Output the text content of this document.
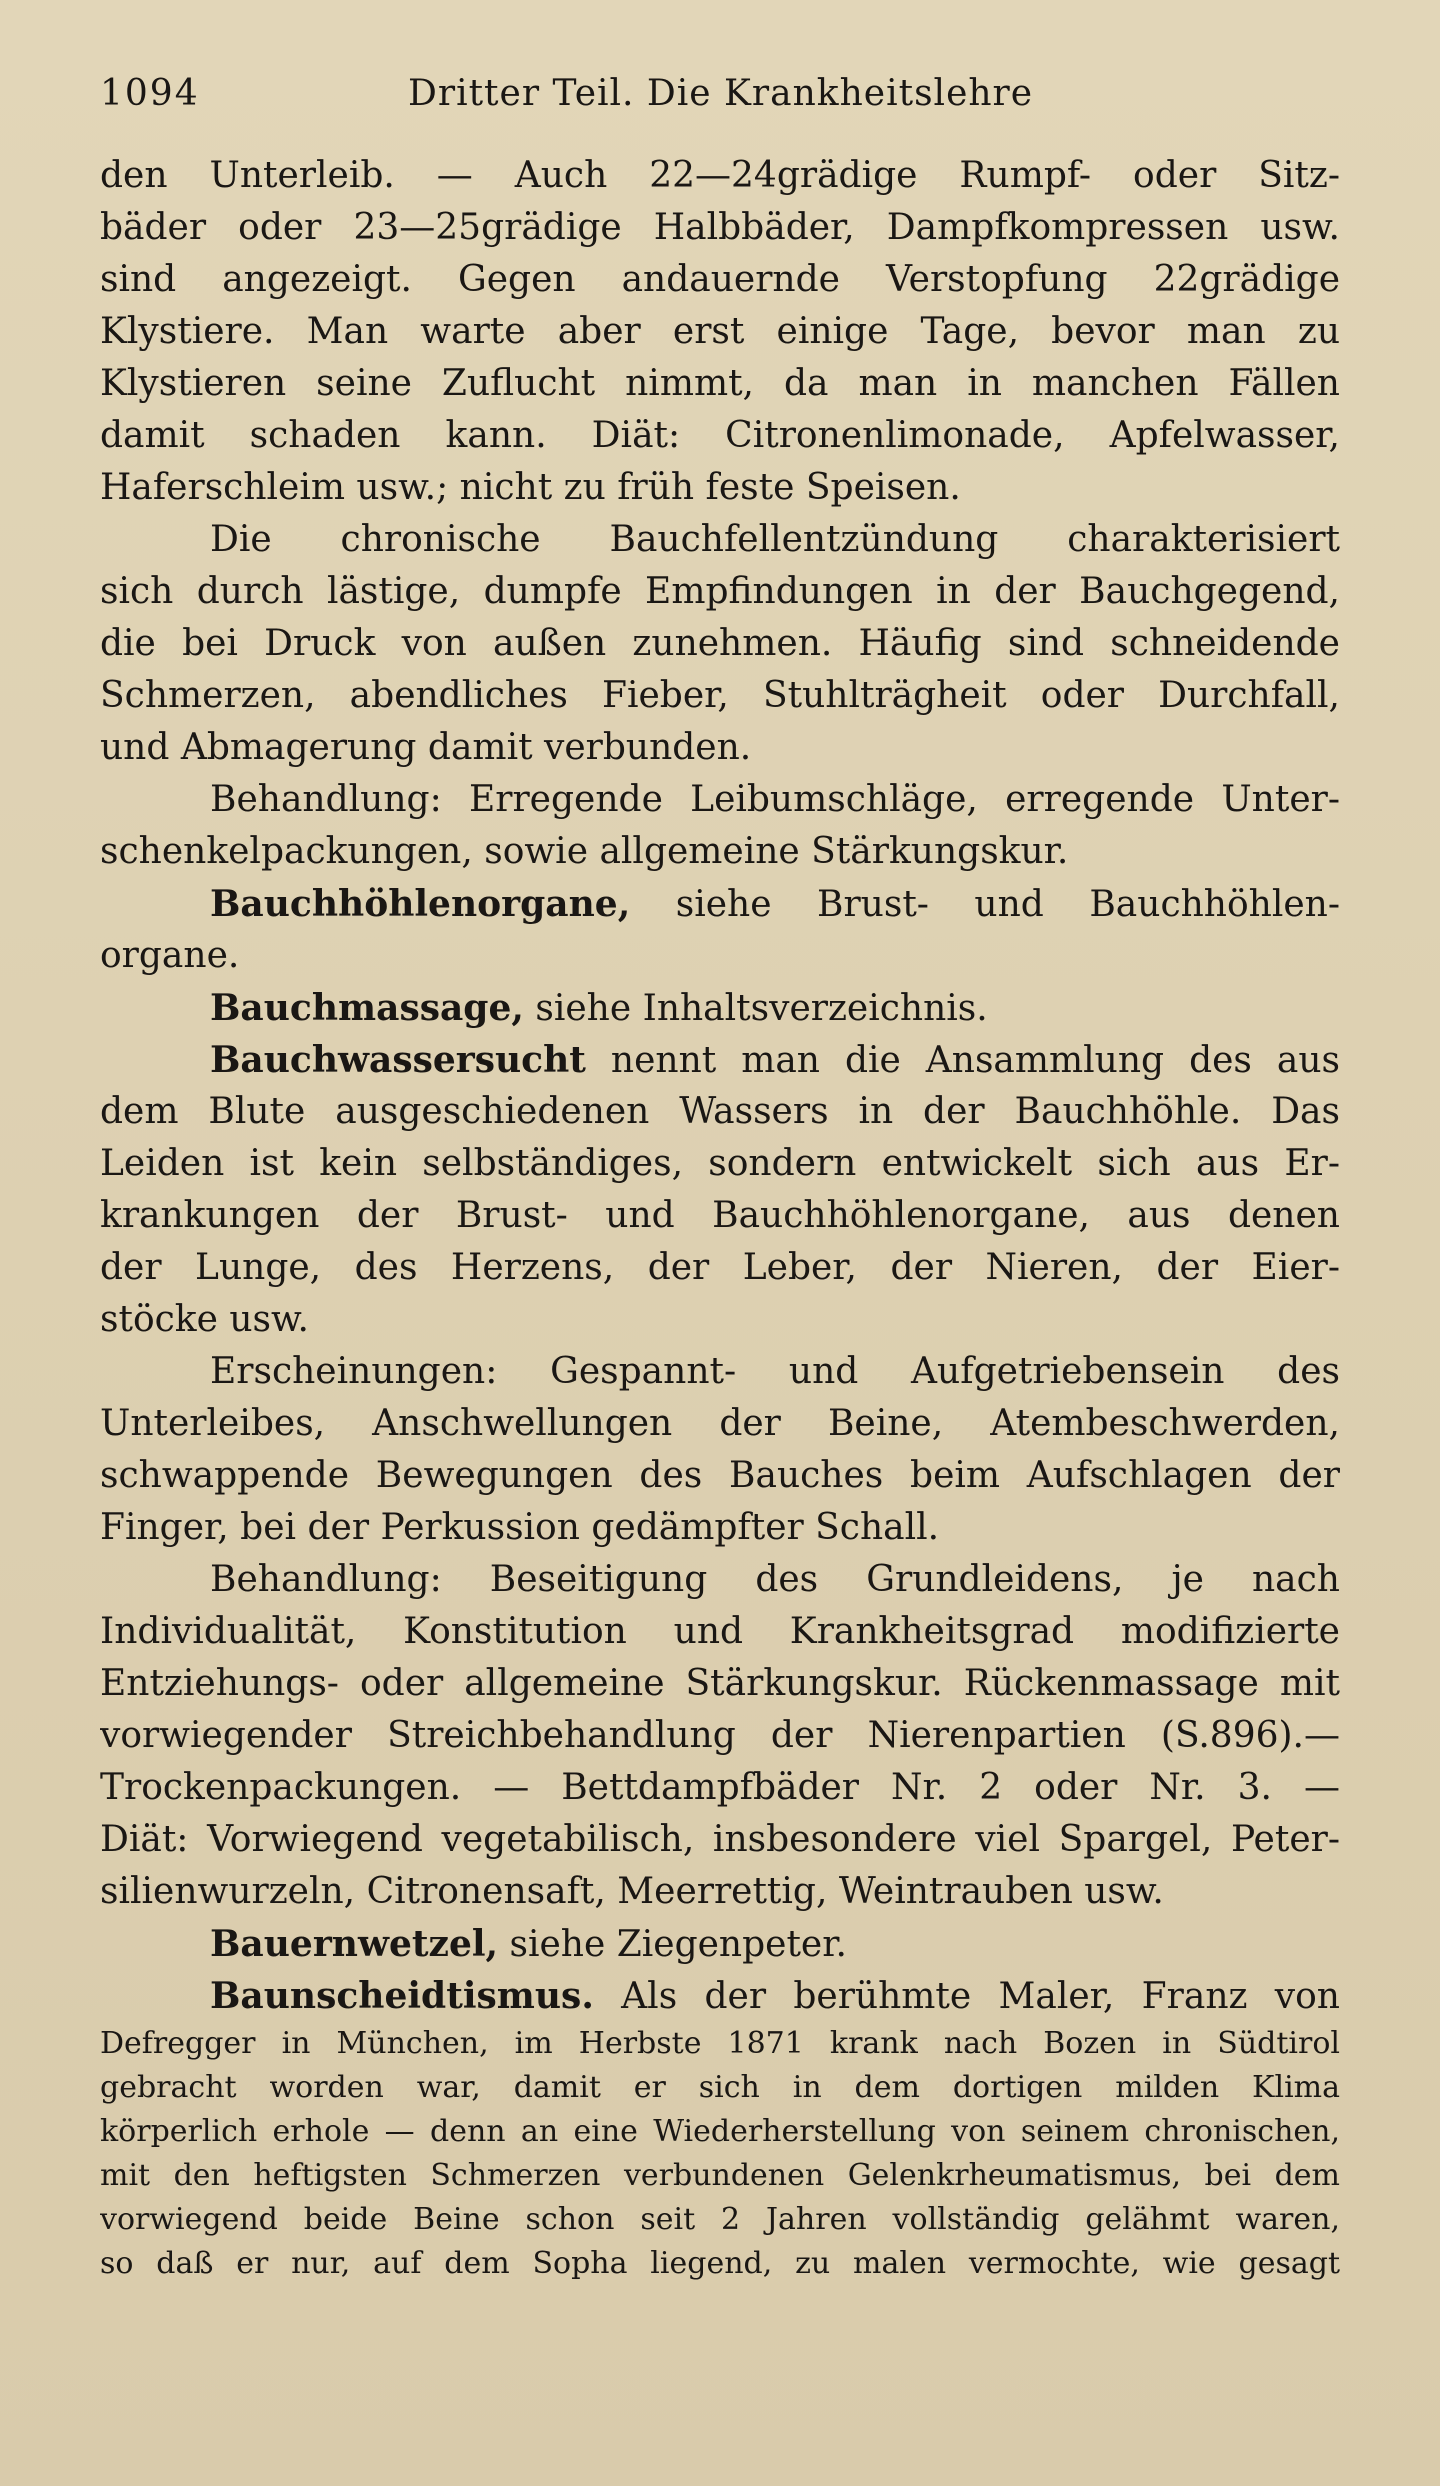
1094	Dritter Teil. Die Krankheitslehre
den Unterleib. — Auch 22—24grädige Rumpf- oder Sitz-
bäder oder 23—25grädige Halbbäder, Dampfkompressen usw.
sind angezeigt. Gegen andauernde Verstopfung 22grädige
Klystiere. Man warte aber erst einige Tage, bevor man zu
Klystieren seine Zuflucht nimmt, da man in manchen Fällen
damit schaden kann. Diät: Citronenlimonade, Apfelwasser,
Haferschleim usw.; nicht zu früh feste Speisen.
Die chronische Bauchfellentzündung charakterisiert
sich durch lästige, dumpfe Empfindungen in der Bauchgegend,
die bei Druck von außen zunehmen. Häufig sind schneidende
Schmerzen, abendliches Fieber, Stuhlträgheit oder Durchfall,
und Abmagerung damit verbunden.
Behandlung: Erregende Leibumschläge, erregende Unter-
schenkelpackungen, sowie allgemeine Stärkungskur.
Bauchhöhlenorgane, siehe Brust- und Bauchhöhlen-
organe.
Bauchmassage, siehe Inhaltsverzeichnis.
Bauchwassersucht nennt man die Ansammlung des aus
dem Blute ausgeschiedenen Wassers in der Bauchhöhle. Das
Leiden ist kein selbständiges, sondern entwickelt sich aus Er-
krankungen der Brust- und Bauchhöhlenorgane, aus denen
der Lunge, des Herzens, der Leber, der Nieren, der Eier-
stöcke usw.
Erscheinungen: Gespannt- und Aufgetriebensein des
Unterleibes, Anschwellungen der Beine, Atembeschwerden,
schwappende Bewegungen des Bauches beim Aufschlagen der
Finger, bei der Perkussion gedämpfter Schall.
Behandlung: Beseitigung des Grundleidens, je nach
Individualität, Konstitution und Krankheitsgrad modifizierte
Entziehungs- oder allgemeine Stärkungskur. Rückenmassage mit
vorwiegender Streichbehandlung der Nierenpartien (S.896).—
Trockenpackungen. — Bettdampfbäder Nr. 2 oder Nr. 3. —
Diät: Vorwiegend vegetabilisch, insbesondere viel Spargel, Peter-
silienwurzeln, Citronensaft, Meerrettig, Weintrauben usw.
Bauernwetzel, siehe Ziegenpeter.
Baunscheidtismus. Als der berühmte Maler, Franz von
Defregger in München, im Herbste 1871 krank nach Bozen in Südtirol
gebracht worden war, damit er sich in dem dortigen milden Klima
körperlich erhole — denn an eine Wiederherstellung von seinem chronischen,
mit den heftigsten Schmerzen verbundenen Gelenkrheumatismus, bei dem
vorwiegend beide Beine schon seit 2 Jahren vollständig gelähmt waren,
so daß er nur, auf dem Sopha liegend, zu malen vermochte, wie gesagt
